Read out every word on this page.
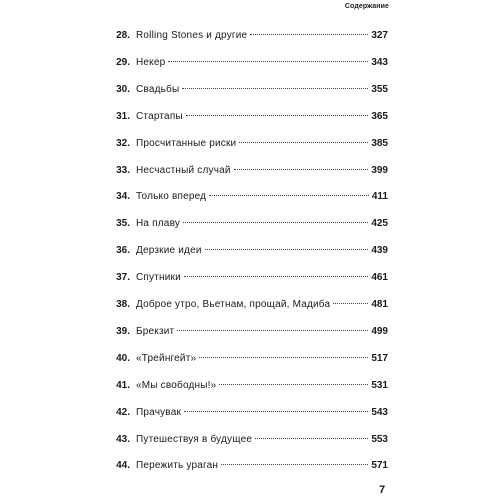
Содержание
28. Rolling Stones и другие	327
29. Некер	343
30. Свадьбы	355
31. Стартапы	365
32. Просчитанные риски	385
33. Несчастный случай	399
34. Только вперед	411
35. На плаву	425
36. Дерзкие идеи	439
37. Спутники	461
38. Доброе утро, Вьетнам, прощай, Мадиба	481
39. Брекзит	499
40. «Трейнгейт»	517
41. «Мы свободны!»	531
42. Прачувак	543
43. Путешествуя в будущее	553
44. Пережить ураган	571
7
